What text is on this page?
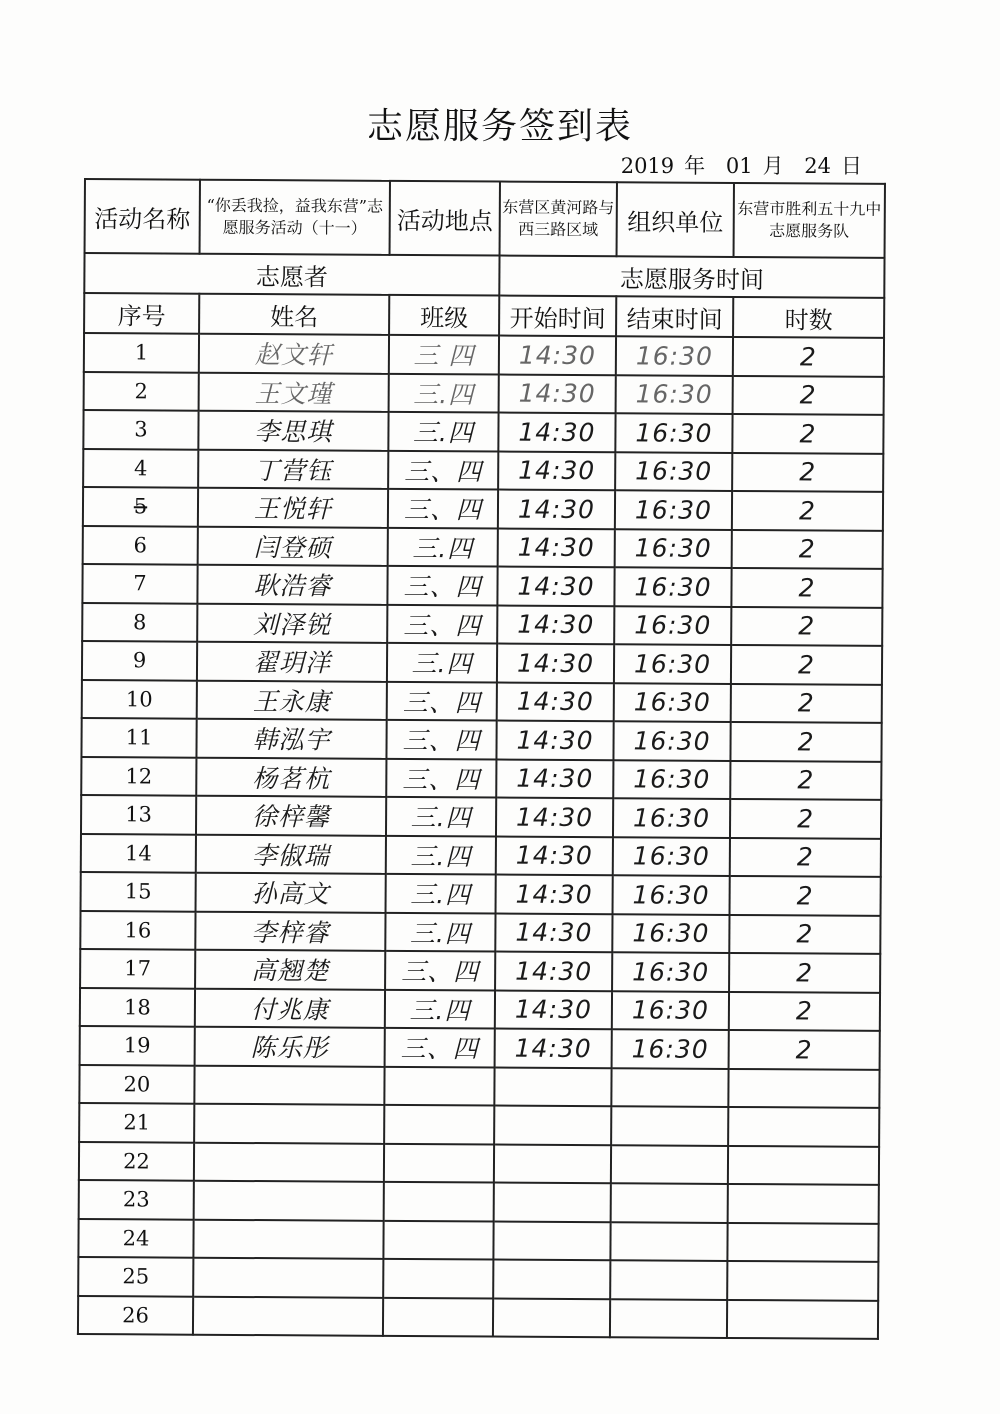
志愿服务签到表
2019 年 01 月 24 日
活动名称	“你丢我捡，益我东营”志愿服务活动（十一）	活动地点	东营区黄河路与西三路区域	组织单位	东营市胜利五十九中志愿服务队
志愿者			志愿服务时间		
序号	姓名	班级	开始时间	结束时间	时数
1	赵文轩	三 四	14:30	16:30	2
2	王文瑾	三.四	14:30	16:30	2
3	李思琪	三.四	14:30	16:30	2
4	丁营钰	三、四	14:30	16:30	2
5	王悦轩	三、四	14:30	16:30	2
6	闫登硕	三.四	14:30	16:30	2
7	耿浩睿	三、四	14:30	16:30	2
8	刘泽锐	三、四	14:30	16:30	2
9	翟玥洋	三.四	14:30	16:30	2
10	王永康	三、四	14:30	16:30	2
11	韩泓宇	三、四	14:30	16:30	2
12	杨茗杭	三、四	14:30	16:30	2
13	徐梓馨	三.四	14:30	16:30	2
14	李俶瑞	三.四	14:30	16:30	2
15	孙高文	三.四	14:30	16:30	2
16	李梓睿	三.四	14:30	16:30	2
17	高翘楚	三、四	14:30	16:30	2
18	付兆康	三.四	14:30	16:30	2
19	陈乐彤	三、四	14:30	16:30	2
20					
21					
22					
23					
24					
25					
26					
